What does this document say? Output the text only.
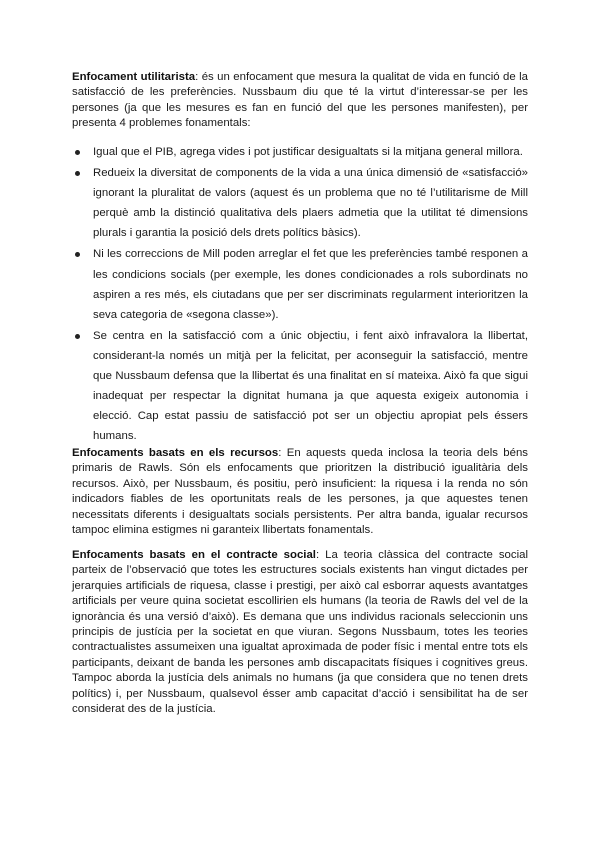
Enfocament utilitarista: és un enfocament que mesura la qualitat de vida en funció de la satisfacció de les preferències. Nussbaum diu que té la virtut d’interessar-se per les persones (ja que les mesures es fan en funció del que les persones manifesten), per presenta 4 problemes fonamentals:

Igual que el PIB, agrega vides i pot justificar desigualtats si la mitjana general millora.
Redueix la diversitat de components de la vida a una única dimensió de «satisfacció» ignorant la pluralitat de valors (aquest és un problema que no té l’utilitarisme de Mill perquè amb la distinció qualitativa dels plaers admetia que la utilitat té dimensions plurals i garantia la posició dels drets polítics bàsics).
Ni les correccions de Mill poden arreglar el fet que les preferències també responen a les condicions socials (per exemple, les dones condicionades a rols subordinats no aspiren a res més, els ciutadans que per ser discriminats regularment interioritzen la seva categoria de «segona classe»).
Se centra en la satisfacció com a únic objectiu, i fent això infravalora la llibertat, considerant-la només un mitjà per la felicitat, per aconseguir la satisfacció, mentre que Nussbaum defensa que la llibertat és una finalitat en sí mateixa. Això fa que sigui inadequat per respectar la dignitat humana ja que aquesta exigeix autonomia i elecció. Cap estat passiu de satisfacció pot ser un objectiu apropiat pels éssers humans.

Enfocaments basats en els recursos: En aquests queda inclosa la teoria dels béns primaris de Rawls. Són els enfocaments que prioritzen la distribució igualitària dels recursos. Això, per Nussbaum, és positiu, però insuficient: la riquesa i la renda no són indicadors fiables de les oportunitats reals de les persones, ja que aquestes tenen necessitats diferents i desigualtats socials persistents. Per altra banda, igualar recursos tampoc elimina estigmes ni garanteix llibertats fonamentals.

Enfocaments basats en el contracte social: La teoria clàssica del contracte social parteix de l’observació que totes les estructures socials existents han vingut dictades per jerarquies artificials de riquesa, classe i prestigi, per això cal esborrar aquests avantatges artificials per veure quina societat escollirien els humans (la teoria de Rawls del vel de la ignorància és una versió d’això). Es demana que uns individus racionals seleccionin uns principis de justícia per la societat en que viuran. Segons Nussbaum, totes les teories contractualistes assumeixen una igualtat aproximada de poder físic i mental entre tots els participants, deixant de banda les persones amb discapacitats físiques i cognitives greus. Tampoc aborda la justícia dels animals no humans (ja que considera que no tenen drets polítics) i, per Nussbaum, qualsevol ésser amb capacitat d’acció i sensibilitat ha de ser considerat des de la justícia.
